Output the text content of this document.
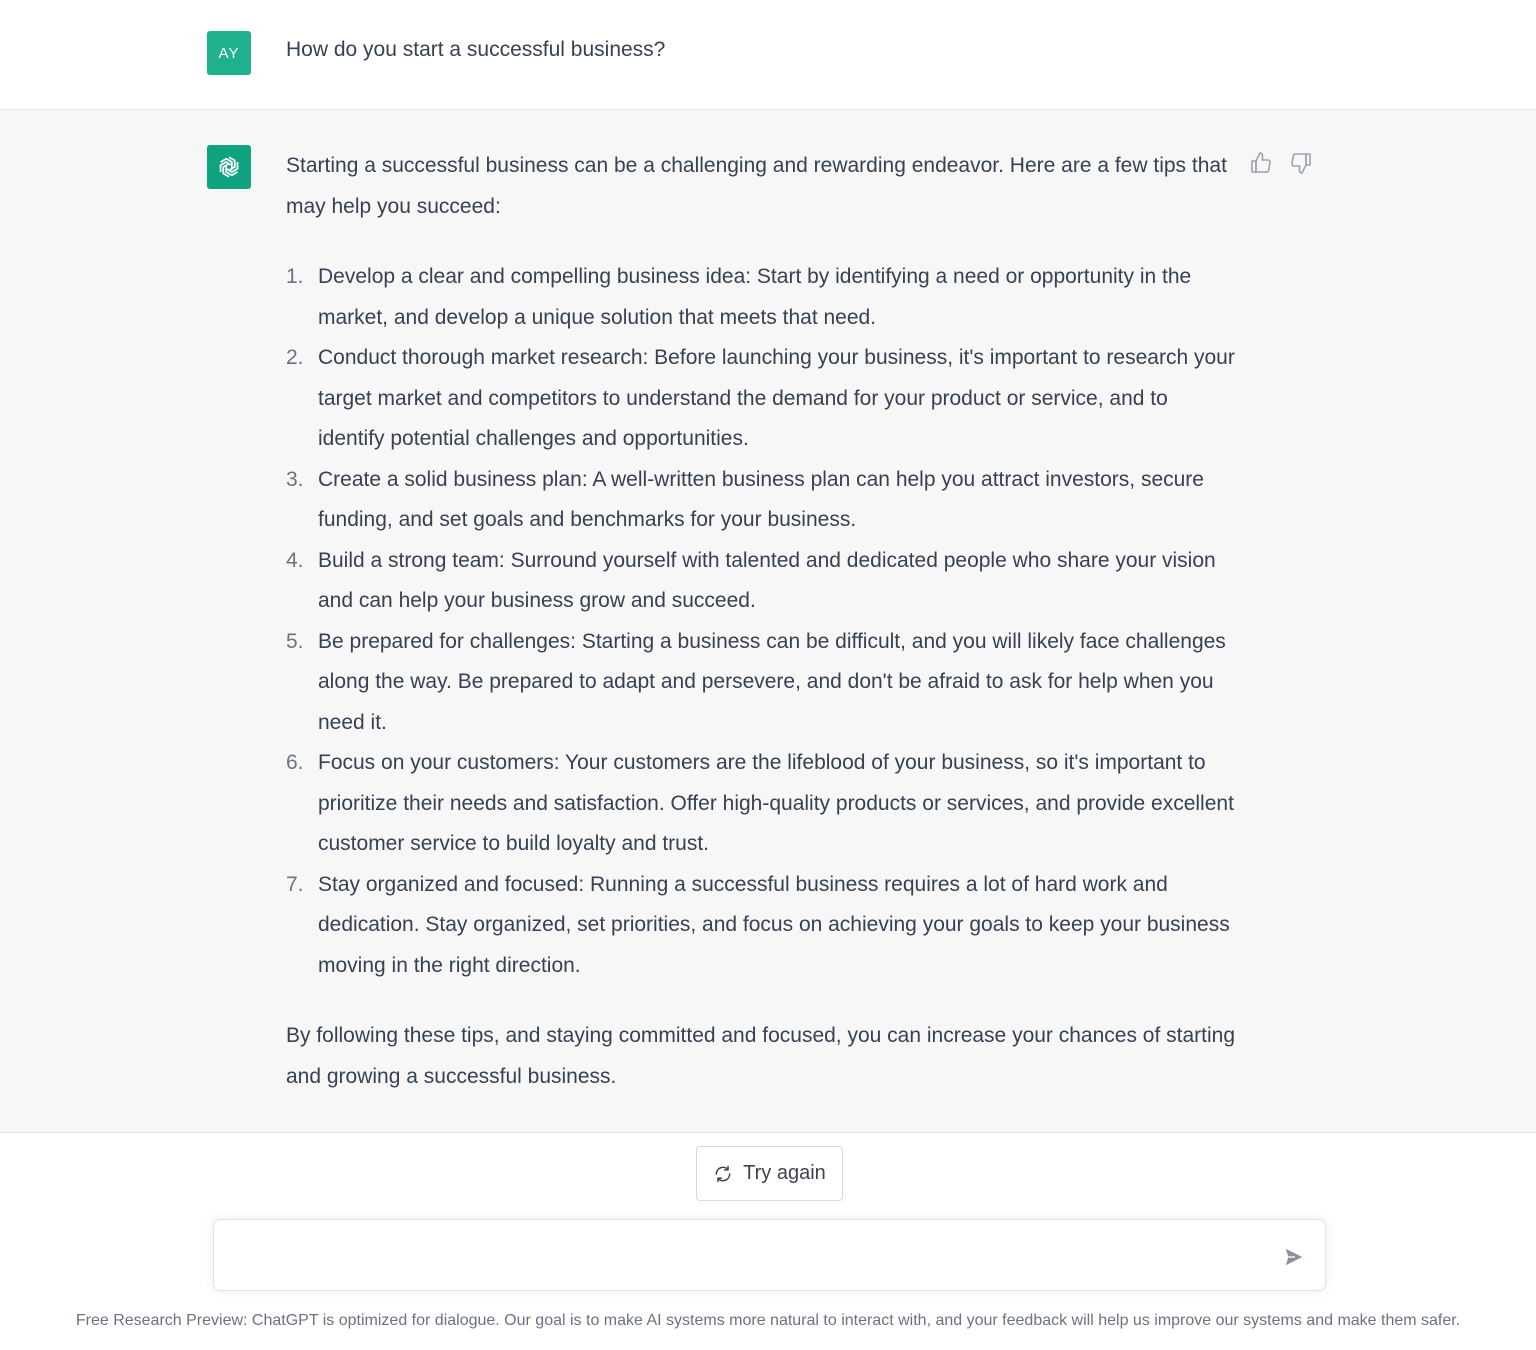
AY How do you start a successful business?

Starting a successful business can be a challenging and rewarding endeavor. Here are a few tips that may help you succeed:

1. Develop a clear and compelling business idea: Start by identifying a need or opportunity in the market, and develop a unique solution that meets that need.
2. Conduct thorough market research: Before launching your business, it's important to research your target market and competitors to understand the demand for your product or service, and to identify potential challenges and opportunities.
3. Create a solid business plan: A well-written business plan can help you attract investors, secure funding, and set goals and benchmarks for your business.
4. Build a strong team: Surround yourself with talented and dedicated people who share your vision and can help your business grow and succeed.
5. Be prepared for challenges: Starting a business can be difficult, and you will likely face challenges along the way. Be prepared to adapt and persevere, and don't be afraid to ask for help when you need it.
6. Focus on your customers: Your customers are the lifeblood of your business, so it's important to prioritize their needs and satisfaction. Offer high-quality products or services, and provide excellent customer service to build loyalty and trust.
7. Stay organized and focused: Running a successful business requires a lot of hard work and dedication. Stay organized, set priorities, and focus on achieving your goals to keep your business moving in the right direction.

By following these tips, and staying committed and focused, you can increase your chances of starting and growing a successful business.

Try again
Free Research Preview: ChatGPT is optimized for dialogue. Our goal is to make AI systems more natural to interact with, and your feedback will help us improve our systems and make them safer.
